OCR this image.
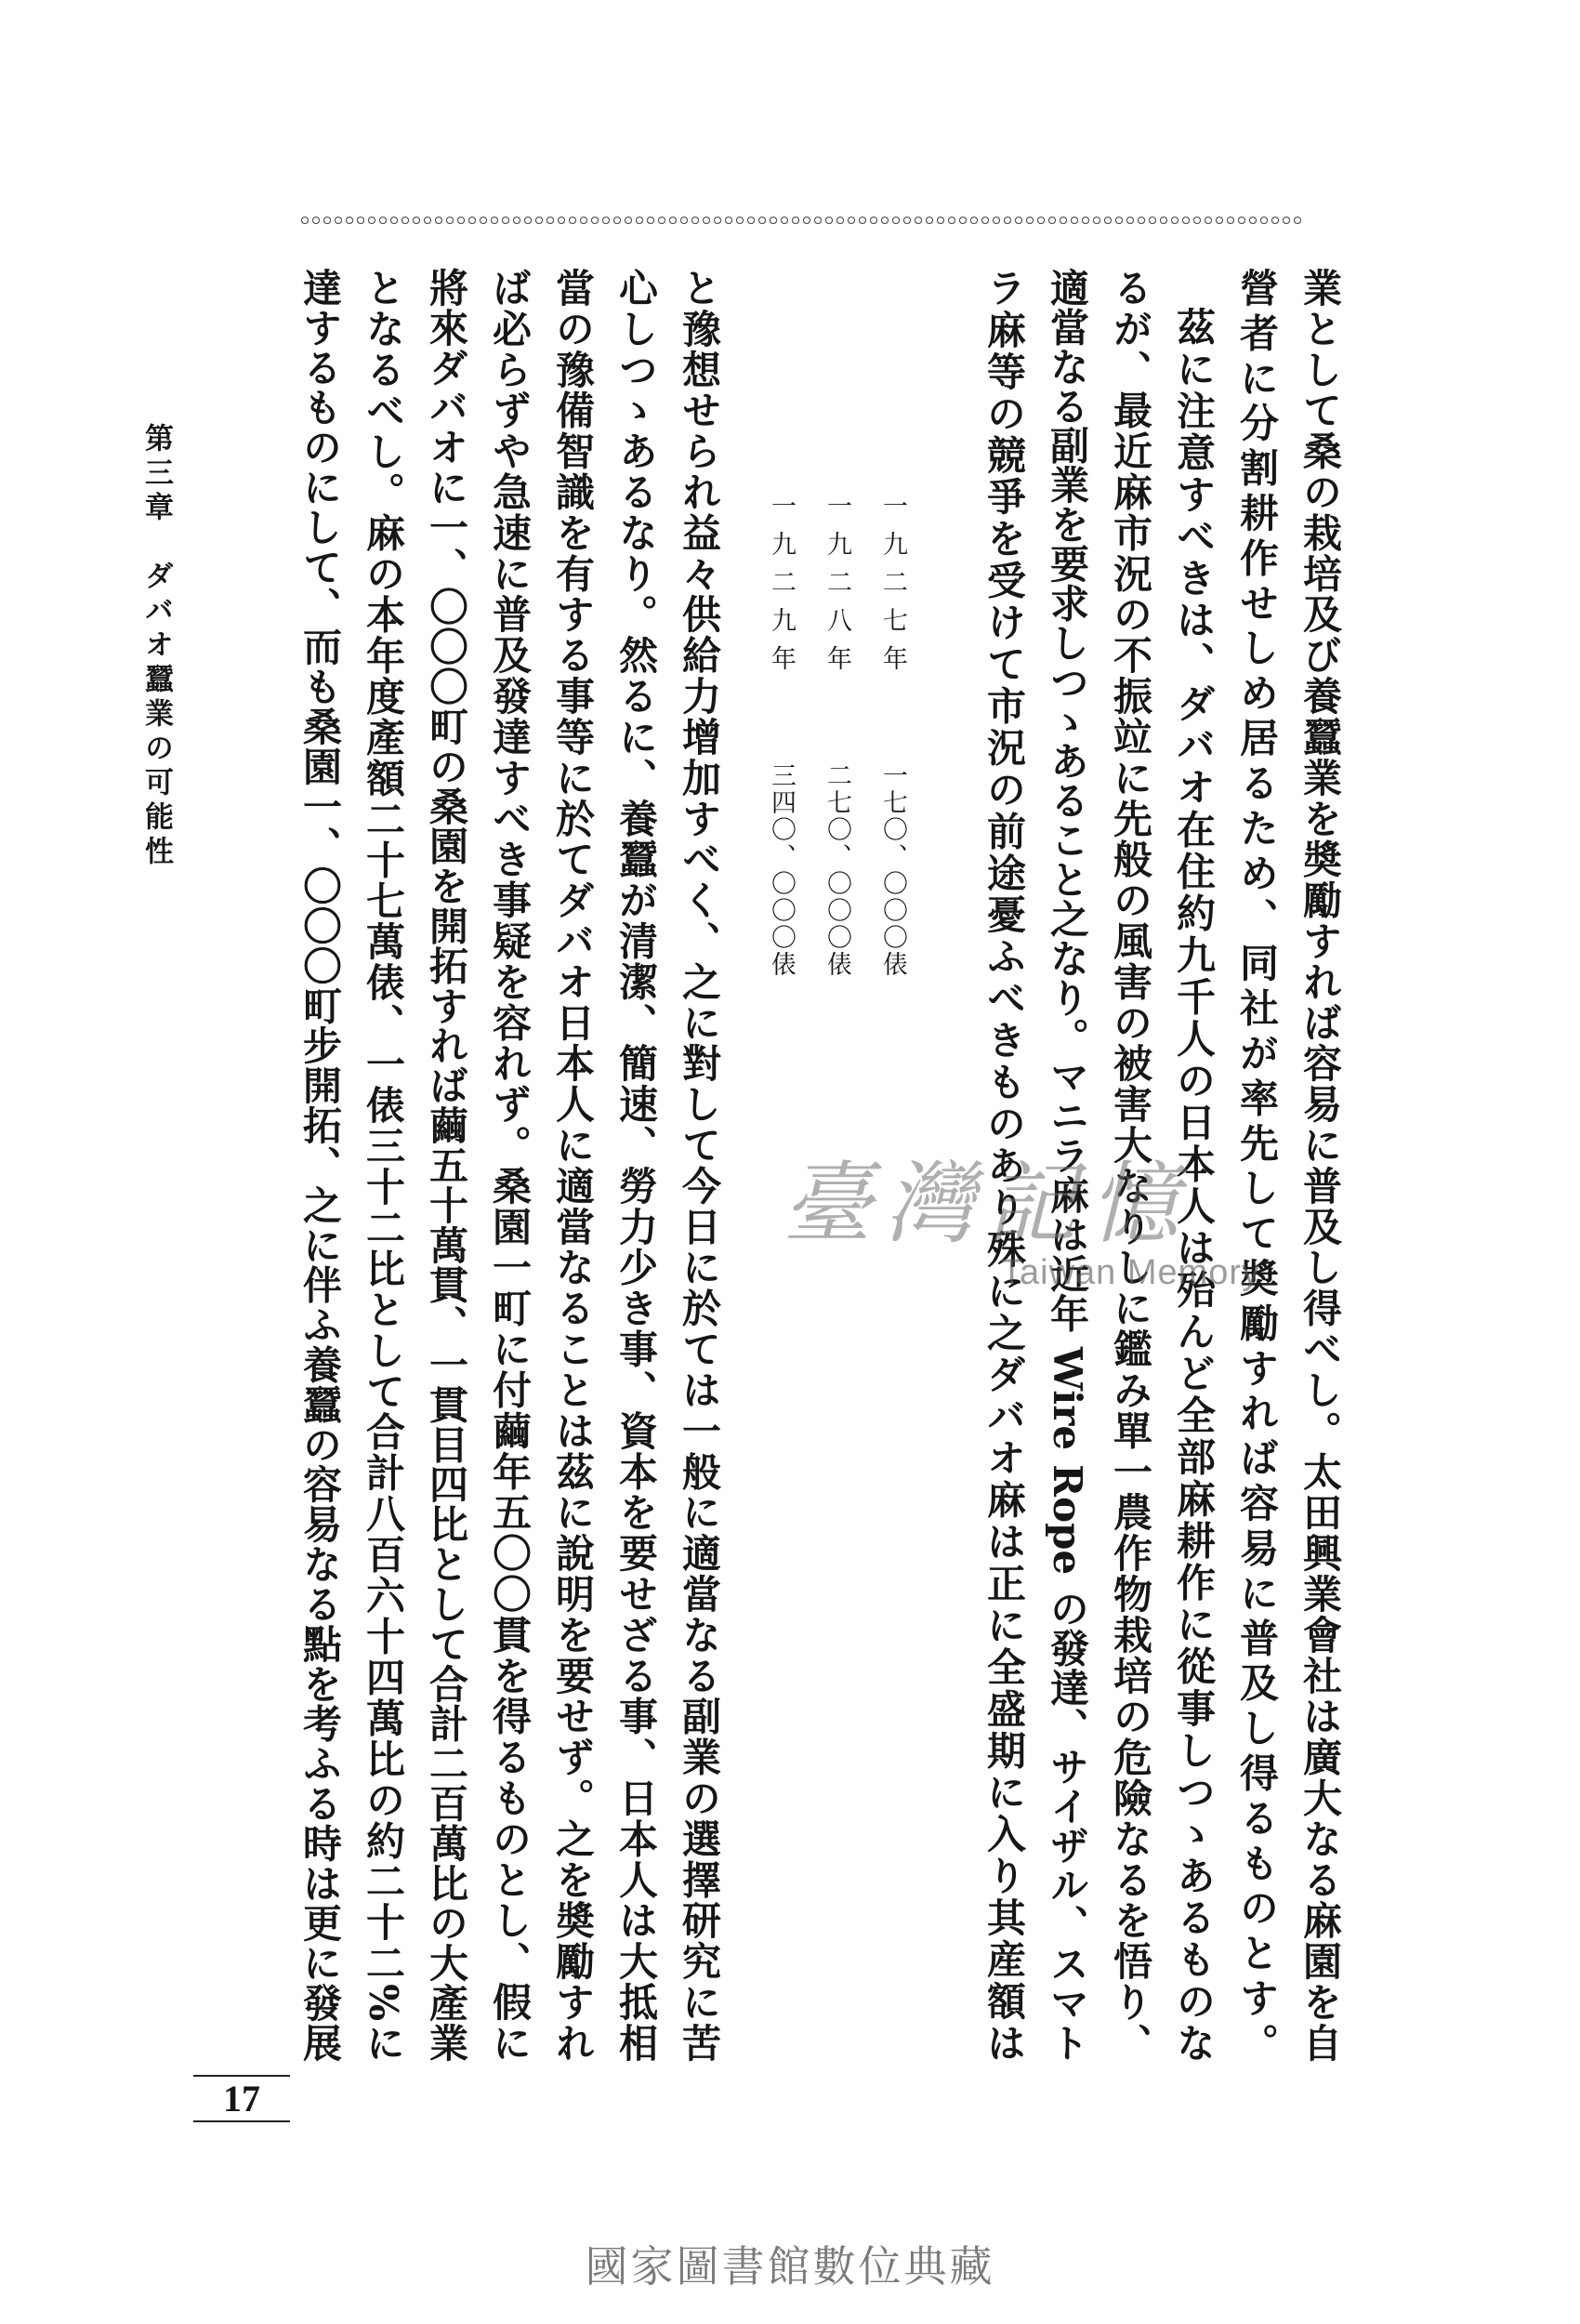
業として桑の栽培及び養蠶業を奬勵すれば容易に普及し得べし。太田興業會社は廣大なる麻園を自
營者に分割耕作せしめ居るため、同社が率先して奬勵すれば容易に普及し得るものとす。
茲に注意すべきは、ダバオ在住約九千人の日本人は殆んど全部麻耕作に從事しつゝあるものな
るが、最近麻市況の不振竝に先般の風害の被害大なりしに鑑み單一農作物栽培の危險なるを悟り、
適當なる副業を要求しつゝあること之なり。マニラ麻は近年 Wire Rope の發達、サイザル、スマト
ラ麻等の競爭を受けて市況の前途憂ふべきものあり殊に之ダバオ麻は正に全盛期に入り其産額は
一九二七年
一七〇、〇〇〇俵
一九二八年
二七〇、〇〇〇俵
一九二九年
三四〇、〇〇〇俵
と豫想せられ益々供給力增加すべく、之に對して今日に於ては一般に適當なる副業の選擇研究に苦
心しつゝあるなり。然るに、養蠶が清潔、簡速、勞力少き事、資本を要せざる事、日本人は大抵相
當の豫備智識を有する事等に於てダバオ日本人に適當なることは茲に說明を要せず。之を奬勵すれ
ば必らずや急速に普及發達すべき事疑を容れず。桑園一町に付繭年五〇〇貫を得るものとし、假に
將來ダバオに一、〇〇〇町の桑園を開拓すれば繭五十萬貫、一貫目四比として合計二百萬比の大產業
となるべし。麻の本年度產額二十七萬俵、一俵三十二比として合計八百六十四萬比の約二十二%に
達するものにして、而も桑園一、〇〇〇町步開拓、之に伴ふ養蠶の容易なる點を考ふる時は更に發展
第三章　ダバオ蠶業の可能性
17
臺灣記憶
Taiwan Memory
國家圖書館數位典藏
